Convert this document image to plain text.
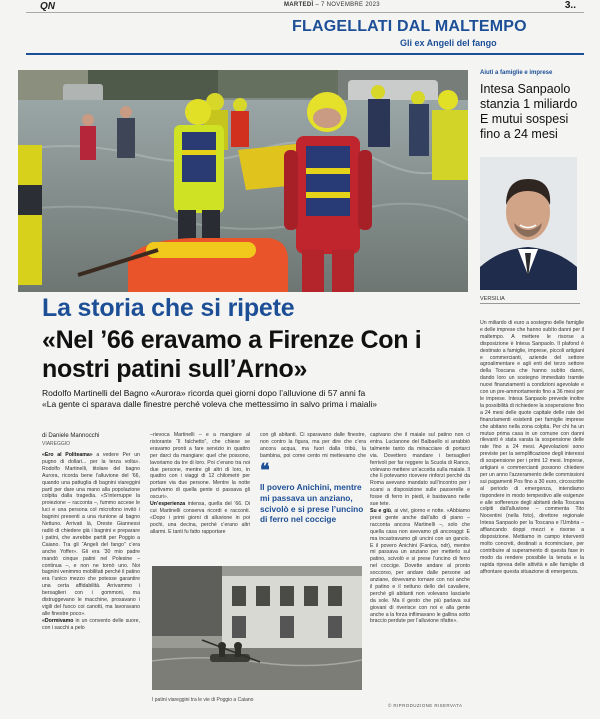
QN	MARTEDÌ – 7 NOVEMBRE 2023	3..
FLAGELLATI DAL MALTEMPO
Gli ex Angeli del fango
Aiuti a famiglie e imprese
Intesa Sanpaolo stanzia 1 miliardo E mutui sospesi fino a 24 mesi
VERSILIA
Un miliardo di euro a sostegno delle famiglie e delle imprese che hanno subìto danni per il maltempo. A mettere le risorse a disposizione è Intesa Sanpaolo. Il plafond è destinato a famiglie, imprese, piccoli artigiani e commercianti, aziende del settore agroalimentare e agli enti del terzo settore della Toscana che hanno subìto danni, dando loro un sostegno immediato tramite nuovi finanziamenti a condizioni agevolate e con un pre-ammortamento fino a 36 mesi per le imprese. Intesa Sanpaolo prevede inoltre la possibilità di richiedere la sospensione fino a 24 mesi delle quote capitale delle rate dei finanziamenti esistenti per famiglie imprese che abitano nella zona colpita. Per chi ha un mutuo prima casa in un comune con danni rilevanti è stata varata la sospensione delle rate fino a 24 mesi. Agevolazioni sono previste per la semplificazione degli interessi di sospensione per i primi 12 mesi. Imprese, artigiani e commercianti possono chiedere per un anno l'azzeramento delle commissioni sui pagamenti Pos fino a 30 euro, circoscritte al periodo di emergenza, intendiamo rispondere in modo tempestivo alle esigenze e alle sofferenze degli abitanti della Toscana colpiti dall'alluvione – commenta Tito Nocentini (nella foto), direttore regionale Intesa Sanpaolo per la Toscana e l'Umbria – affiancando doppi mezzi e risorse a disposizione. Mettiamo in campo interventi molto concreti, destinati a ricominciare, per contribuire al superamento di questa fase in modo da rendere possibile la tenuta e la rapida ripresa delle attività e alle famiglie di affrontare questa situazione di emergenza.
La storia che si ripete
«Nel ’66 eravamo a Firenze Con i nostri patini sull’Arno»
Rodolfo Martinelli del Bagno «Aurora» ricorda quei giorni dopo l’alluvione di 57 anni fa
«La gente ci sparava dalle finestre perché voleva che mettessimo in salvo prima i maiali»
di Daniele Mannocchi
VIAREGGIO
«Ero al Politeama» a vedere Per un pugno di dollari... per la terza volta». Rodolfo Martinelli, titolare del bagno Aurora, ricorda bene l’alluvione del ’66, quando una pattuglia di bagnini viareggini partì per dare una mano alla popolazione colpita dalla tragedia. «S’interruppe la proiezione – racconta –, fummo accese le luci e una persona col microfono invitò i bagnini presenti a una riunione al bagno Nettuno. Arrivati là, Oreste Giannessi radiò di chiedere già i bagnini e preparare i patini, che avrebbe partiti per Poggio a Caiano. Tra gli “Angeli del fango” c’era anche Yoffer». Gli era ’30 mio padre mandò cinque patini nel Polesine – continua –, e non ne tornò uno. Noi bagnini venimmo mobilitati perché il patino era l’unico mezzo che potesse garantire una certa affidabilità. Arrivammo i bersaglieri con i gommoni, ma distruggevano le macchine, prosavano i vigili del fuoco coi canotti, ma lavoravano alle finestre poco».
«Dormivamo in un convento delle suore, con i sacchi a pelo
–rievoca Martinelli – e a mangiare al ristorante “Il falchetto”, che chiese se eravamo pronti a fare servizio in quattro per darci da mangiare: quel che possono, lavoriamo da tre di loro. Poi c’erano tra noi due persone, mentre gli altri di loro, in quattro con i viaggi di 12 chilometri per portare via due persone. Mentre la notte partivamo di quella gente ci passava gli oscuri».
Un’esperienza intensa, quella del ’66. Di cui Martinelli conserva ricordi e racconti. «Dopo i primi giorni di alluvione in poi pochi, una decina, perché c’erano altri allarmi. E tanti fu fatto rapportare
con gli abitanti. Ci sparavano dalle finestre, non contro la figura, ma per dire che c’era ancora acqua, ma fuori dalla tribù, la bambina, poi come cento mi mettevamo che
❝
Il povero Anichini, mentre mi passava un anziano, scivolò e si prese l’uncino di ferro nel coccige
capivano che il maiale sul patino non ci entra. Lucianone del Balbaello si arrabbiò talmente tanto da minacciare di portarci via. Dovettero mandare i bersaglieri ferrivoli per far reggere la Scuola di Ranco, volevano mettere un’accetta sulla maiale. Il che li potevamo ricevere rinforzi perché da Roma avevano mandato sull’incontro per i scarsi a disposizione sulle passerelle e fosse di ferro in piedi, è bastavano nelle sue tete.
Su e giù, ai vivi, giorno e notte. «Abbiamo presi gente anche dall’alto di piano – racconta ancora Martinelli –, solo che quella casa non avevamo gli ancoraggi: E ma incastravamo gli uncini con un gancio. E il povero Anichini (Fanica, ndr), mentre mi passava un anziano per metterlo sul patino, scivolò e si prese l’uncino di ferro nel coccige. Dovette andare al pronto soccorso, per andare dalle persone ad anziane, dovevamo tornare con noi anche il patino e il nettuno dello del cavaliere, perché gli abitanti non volevano lasciarle da sole. Ma il gesto che più parlava sui giovani di riverisce con noi e alla gente anche a la forza inflimavano le gallina sotto braccio perdute per l’alluvione rifatte».
I patini viareggini tra le vie di Poggio a Caiano
© RIPRODUZIONE RISERVATA
